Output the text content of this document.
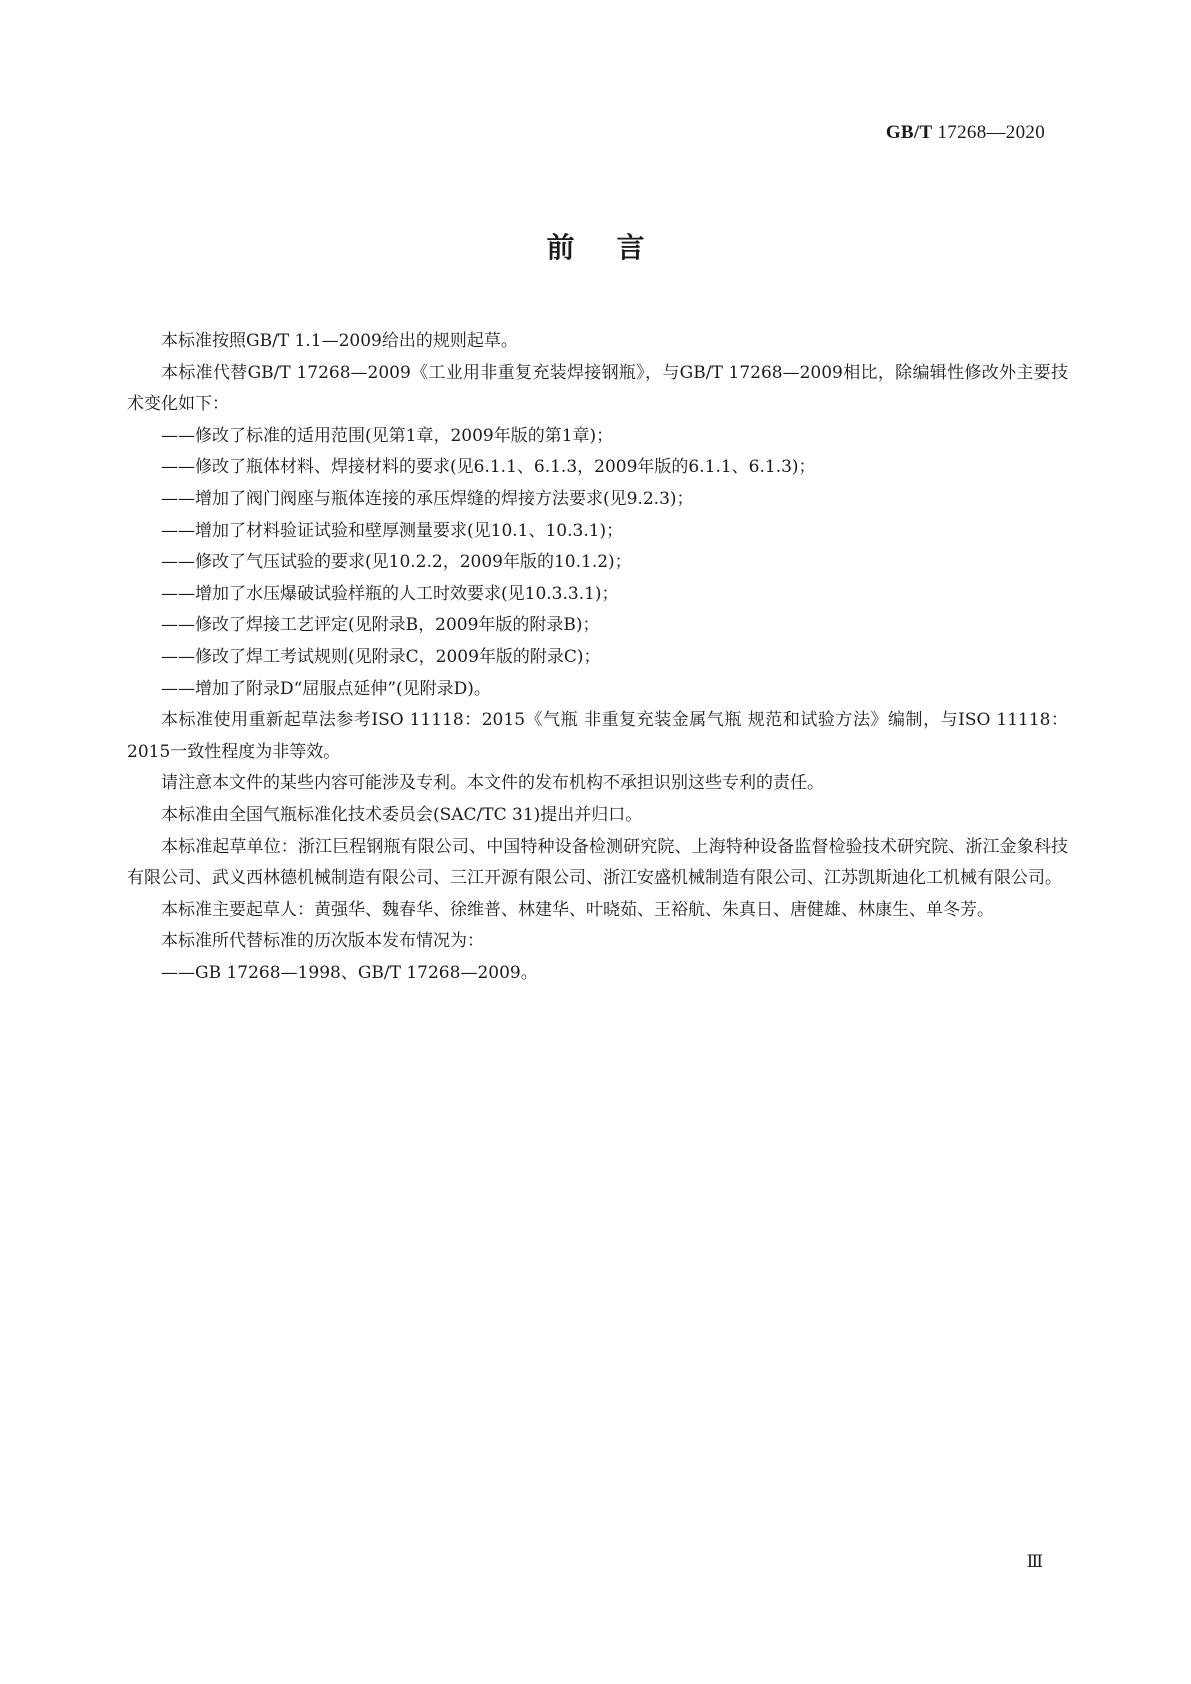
GB/T 17268—2020
前言

本标准按照GB/T 1.1—2009给出的规则起草。

本标准代替GB/T 17268—2009《工业用非重复充装焊接钢瓶》，与GB/T 17268—2009相比，除编辑性修改外主要技术变化如下：

——修改了标准的适用范围(见第1章，2009年版的第1章)；

——修改了瓶体材料、焊接材料的要求(见6.1.1、6.1.3，2009年版的6.1.1、6.1.3)；

——增加了阀门阀座与瓶体连接的承压焊缝的焊接方法要求(见9.2.3)；

——增加了材料验证试验和壁厚测量要求(见10.1、10.3.1)；

——修改了气压试验的要求(见10.2.2，2009年版的10.1.2)；

——增加了水压爆破试验样瓶的人工时效要求(见10.3.3.1)；

——修改了焊接工艺评定(见附录B，2009年版的附录B)；

——修改了焊工考试规则(见附录C，2009年版的附录C)；

——增加了附录D“屈服点延伸”(见附录D)。

本标准使用重新起草法参考ISO 11118：2015《气瓶 非重复充装金属气瓶 规范和试验方法》编制，与ISO 11118：2015一致性程度为非等效。

请注意本文件的某些内容可能涉及专利。本文件的发布机构不承担识别这些专利的责任。

本标准由全国气瓶标准化技术委员会(SAC/TC 31)提出并归口。

本标准起草单位：浙江巨程钢瓶有限公司、中国特种设备检测研究院、上海特种设备监督检验技术研究院、浙江金象科技有限公司、武义西林德机械制造有限公司、三江开源有限公司、浙江安盛机械制造有限公司、江苏凯斯迪化工机械有限公司。

本标准主要起草人：黄强华、魏春华、徐维普、林建华、叶晓茹、王裕航、朱真日、唐健雄、林康生、单冬芳。

本标准所代替标准的历次版本发布情况为：

——GB 17268—1998、GB/T 17268—2009。

Ⅲ
